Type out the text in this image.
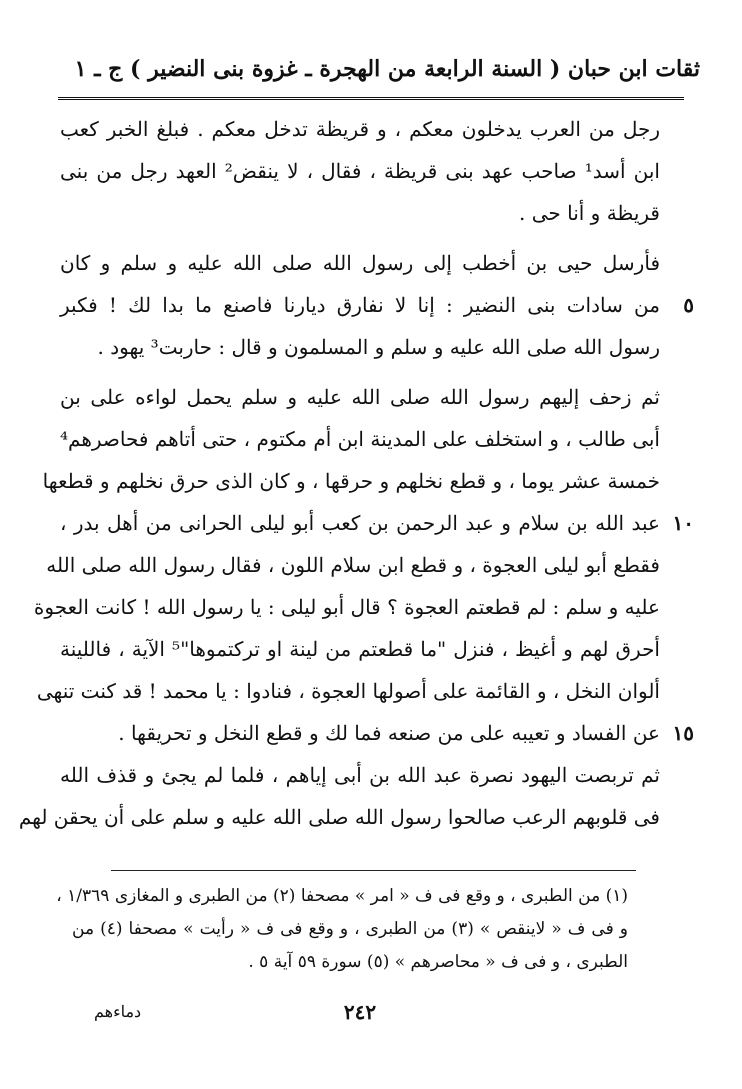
ثقات ابن حبان ( السنة الرابعة من الهجرة ـ غزوة بنى النضير ) ج ـ ١
رجل من العرب يدخلون معكم ، و قريظة تدخل معكم . فبلغ الخبر كعب
ابن أسد¹ صاحب عهد بنى قريظة ، فقال ، لا ينقض² العهد رجل من بنى
قريظة و أنا حى .
فأرسل حيى بن أخطب إلى رسول الله صلى الله عليه و سلم و كان
٥
من سادات بنى النضير : إنا لا نفارق ديارنا فاصنع ما بدا لك ! فكبر
رسول الله صلى الله عليه و سلم و المسلمون و قال : حاربت³ يهود .
ثم زحف إليهم رسول الله صلى الله عليه و سلم يحمل لواءه على بن
أبى طالب ، و استخلف على المدينة ابن أم مكتوم ، حتى أتاهم فحاصرهم⁴
خمسة عشر يوما ، و قطع نخلهم و حرقها ، و كان الذى حرق نخلهم و قطعها
١٠
عبد الله بن سلام و عبد الرحمن بن كعب أبو ليلى الحرانى من أهل بدر ،
فقطع أبو ليلى العجوة ، و قطع ابن سلام اللون ، فقال رسول الله صلى الله
عليه و سلم : لم قطعتم العجوة ؟ قال أبو ليلى : يا رسول الله ! كانت العجوة
أحرق لهم و أغيظ ، فنزل "ما قطعتم من لينة او تركتموها"⁵ الآية ، فاللينة
ألوان النخل ، و القائمة على أصولها العجوة ، فنادوا : يا محمد ! قد كنت تنهى
١٥
عن الفساد و تعيبه على من صنعه فما لك و قطع النخل و تحريقها .
ثم تربصت اليهود نصرة عبد الله بن أبى إياهم ، فلما لم يجئ و قذف الله
فى قلوبهم الرعب صالحوا رسول الله صلى الله عليه و سلم على أن يحقن لهم
(١) من الطبرى ، و وقع فى ف « امر » مصحفا (٢) من الطبرى و المغازى ١/٣٦٩ ،
و فى ف « لاينقص » (٣) من الطبرى ، و وقع فى ف « رأيت » مصحفا (٤) من
الطبرى ، و فى ف « محاصرهم » (٥) سورة ٥٩ آية ٥ .
٢٤٢
دماءهم
